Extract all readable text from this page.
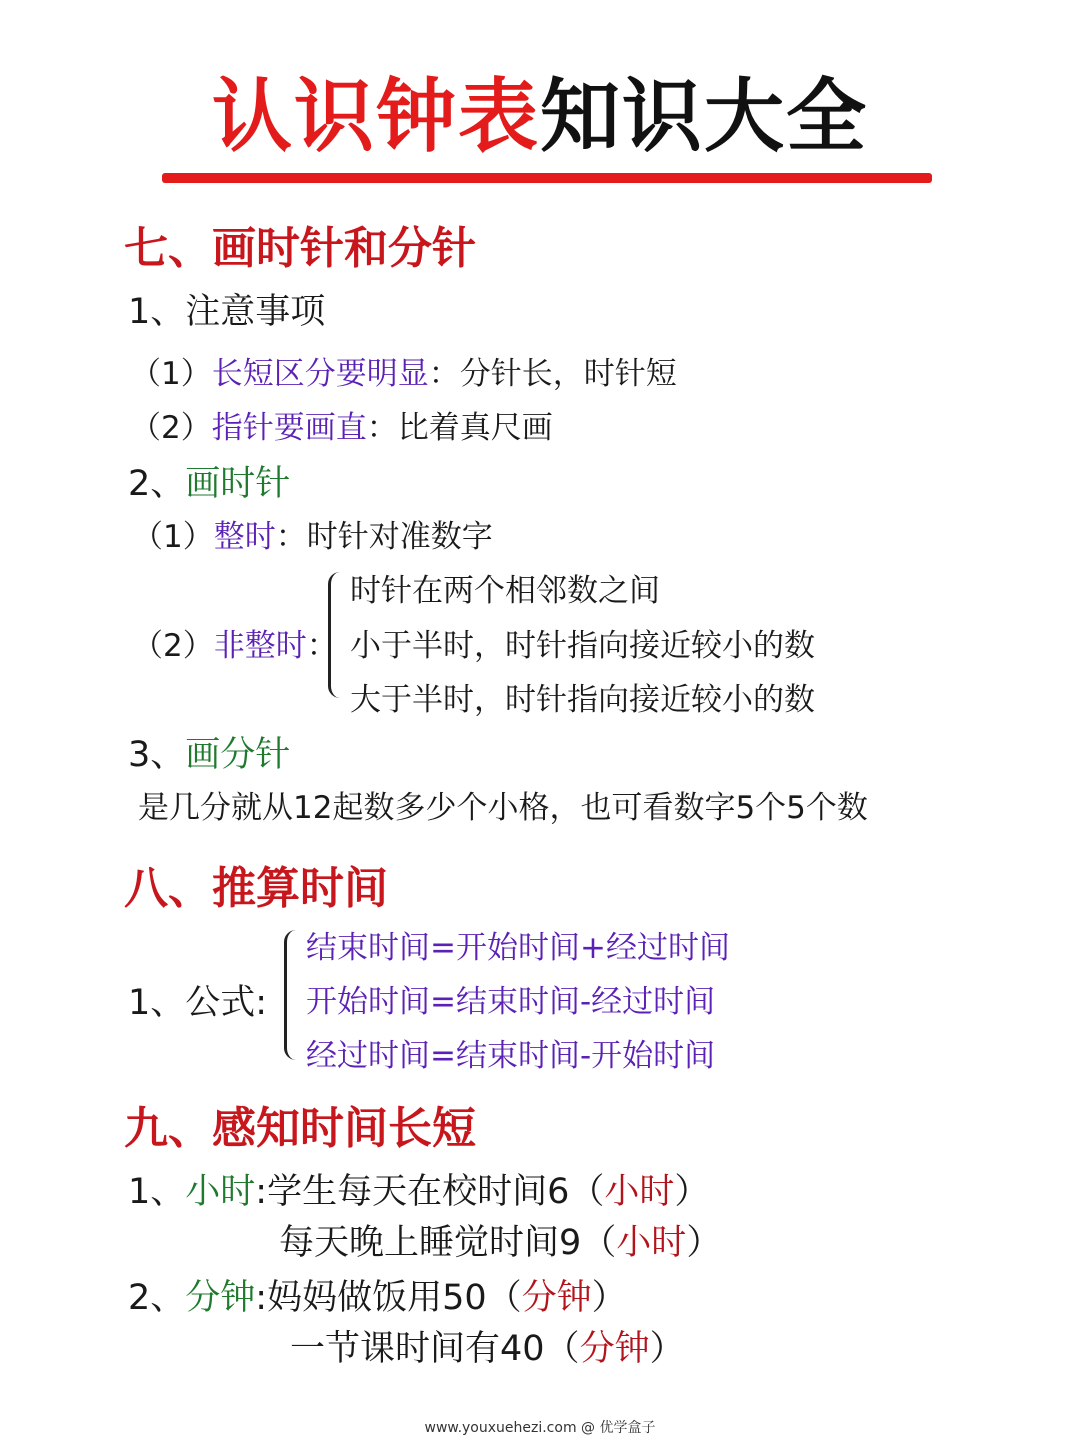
认识钟表知识大全
七、画时针和分针
1、注意事项
（1）长短区分要明显：分针长，时针短
（2）指针要画直：比着真尺画
2、画时针
（1）整时：时针对准数字
（2）非整时：
时针在两个相邻数之间
小于半时，时针指向接近较小的数
大于半时，时针指向接近较小的数
3、画分针
是几分就从12起数多少个小格，也可看数字5个5个数
八、推算时间
1、公式:
结束时间=开始时间+经过时间
开始时间=结束时间-经过时间
经过时间=结束时间-开始时间
九、感知时间长短
1、小时:学生每天在校时间6（小时）
每天晚上睡觉时间9（小时）
2、分钟:妈妈做饭用50（分钟）
一节课时间有40（分钟）
www.youxuehezi.com @ 优学盒子
